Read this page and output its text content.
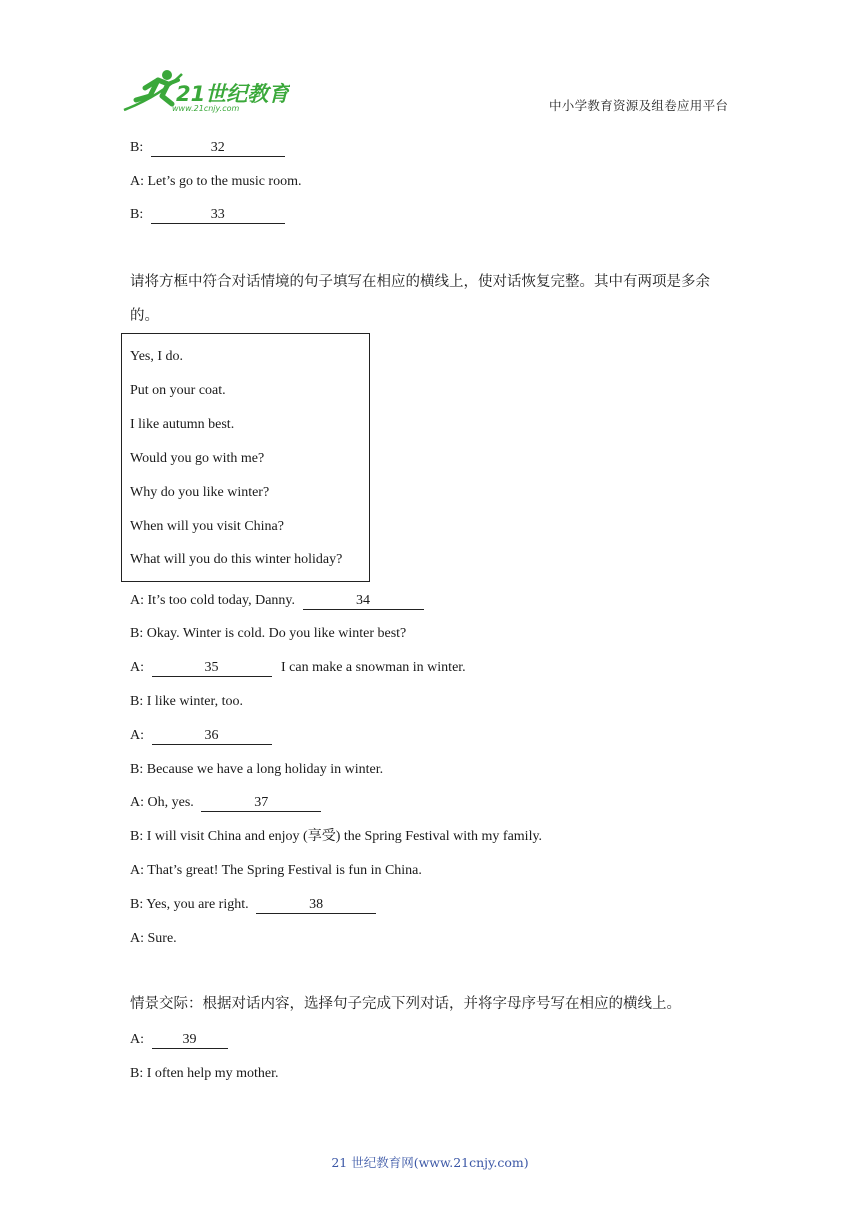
21世纪教育
www.21cnjy.com	中小学教育资源及组卷应用平台
B:	32
A: Let’s go to the music room.
B:	33
请将方框中符合对话情境的句子填写在相应的横线上，使对话恢复完整。其中有两项是多余
的。
Yes, I do.
Put on your coat.
I like autumn best.
Would you go with me?
Why do you like winter?
When will you visit China?
What will you do this winter holiday?
A: It’s too cold today, Danny.	34
B: Okay. Winter is cold. Do you like winter best?
A:	35	I can make a snowman in winter.
B: I like winter, too.
A:	36
B: Because we have a long holiday in winter.
A: Oh, yes.	37
B: I will visit China and enjoy (享受) the Spring Festival with my family.
A: That’s great! The Spring Festival is fun in China.
B: Yes, you are right.	38
A: Sure.
情景交际：根据对话内容，选择句子完成下列对话，并将字母序号写在相应的横线上。
A:	39
B: I often help my mother.
21 世纪教育网(www.21cnjy.com)
